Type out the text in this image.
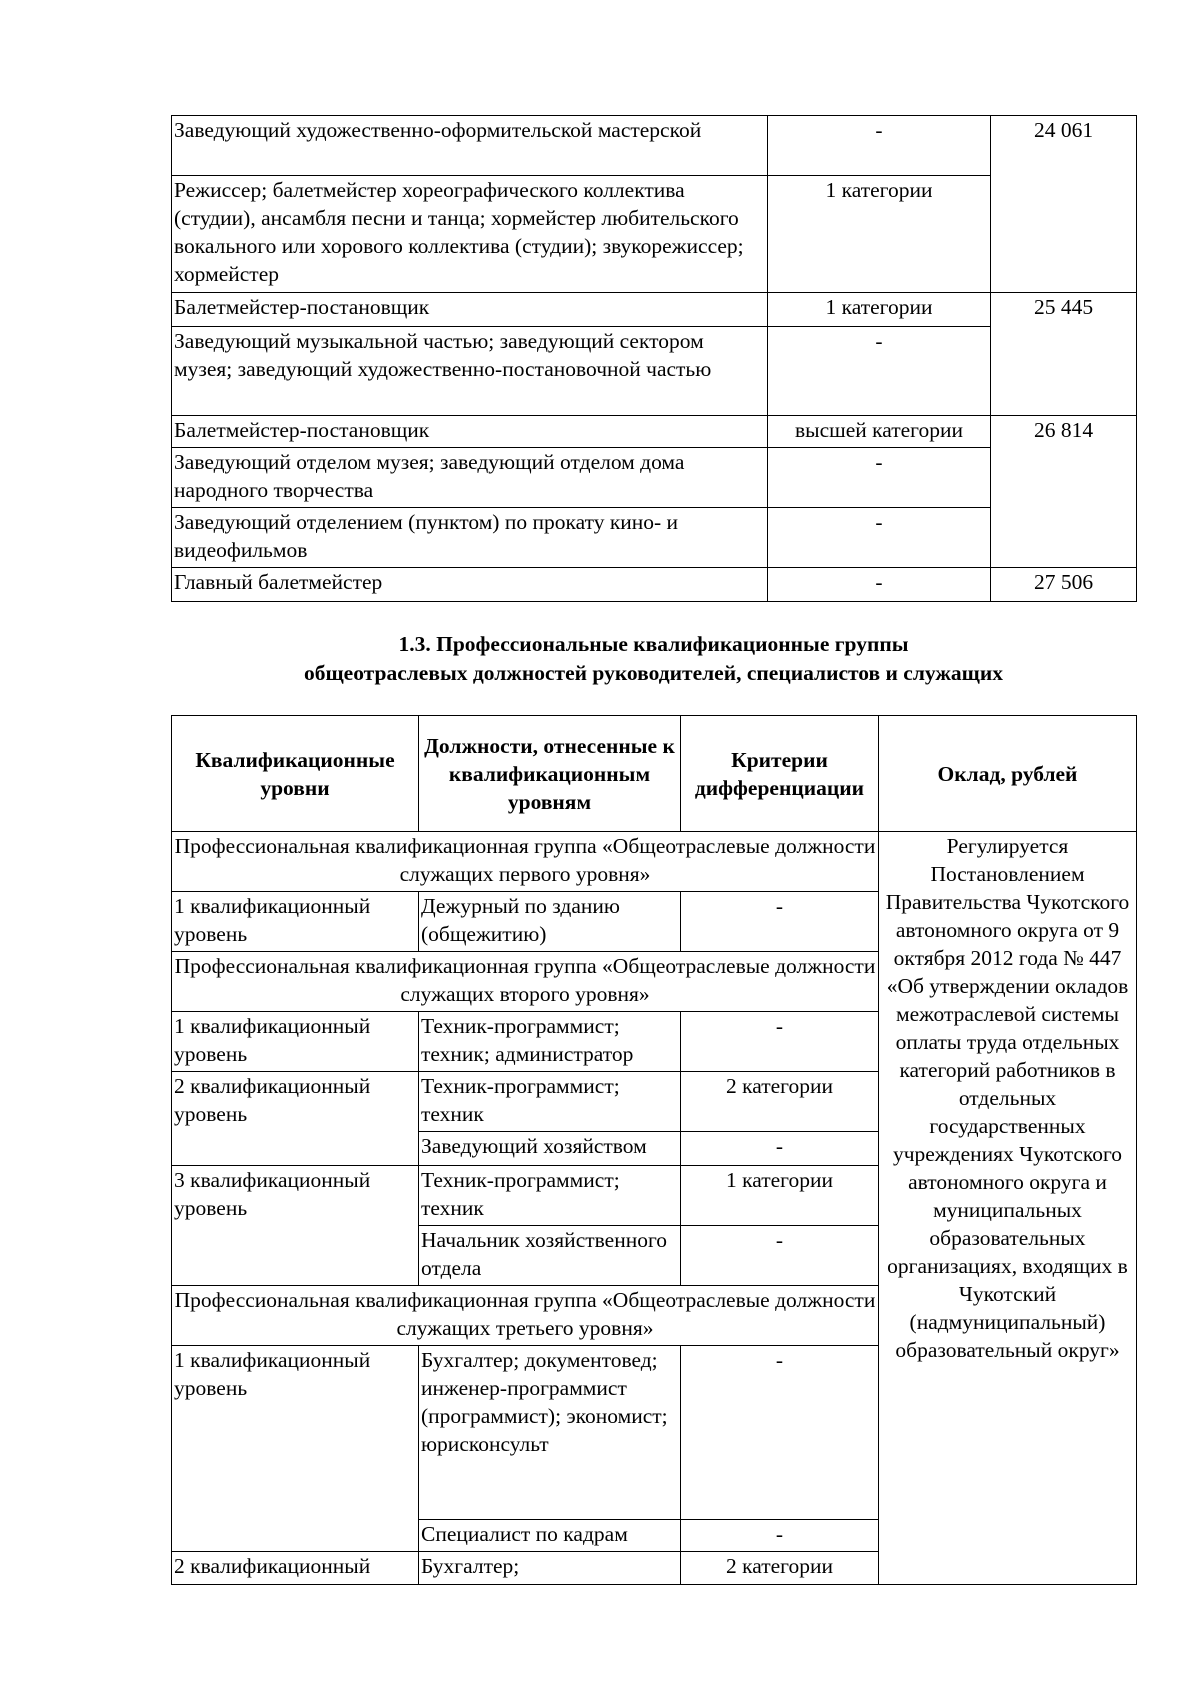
Заведующий художественно-оформительской мастерской	-	24 061
Режиссер; балетмейстер хореографического коллектива (студии), ансамбля песни и танца; хормейстер любительского вокального или хорового коллектива (студии); звукорежиссер; хормейстер	1 категории	
Балетмейстер-постановщик	1 категории	25 445
Заведующий музыкальной частью; заведующий сектором музея; заведующий художественно-постановочной частью	-	
Балетмейстер-постановщик	высшей категории	26 814
Заведующий отделом музея; заведующий отделом дома народного творчества	-	
Заведующий отделением (пунктом) по прокату кино- и видеофильмов	-	
Главный балетмейстер	-	27 506
1.3. Профессиональные квалификационные группы
общеотраслевых должностей руководителей, специалистов и служащих
Квалификационные уровни	Должности, отнесенные к квалификационным уровням	Критерии дифференциации	Оклад, рублей
Профессиональная квалификационная группа «Общеотраслевые должности служащих первого уровня»			Регулируется Постановлением Правительства Чукотского автономного округа от 9 октября 2012 года № 447 «Об утверждении окладов межотраслевой системы оплаты труда отдельных категорий работников в отдельных государственных учреждениях Чукотского автономного округа и муниципальных образовательных организациях, входящих в Чукотский (надмуниципальный) образовательный округ»
1 квалификационный уровень	Дежурный по зданию (общежитию)	-	
Профессиональная квалификационная группа «Общеотраслевые должности служащих второго уровня»			
1 квалификационный уровень	Техник-программист; техник; администратор	-	
2 квалификационный уровень	Техник-программист; техник	2 категории	
	Заведующий хозяйством	-	
3 квалификационный уровень	Техник-программист; техник	1 категории	
	Начальник хозяйственного отдела	-	
Профессиональная квалификационная группа «Общеотраслевые должности служащих третьего уровня»			
1 квалификационный уровень	Бухгалтер; документовед; инженер-программист (программист); экономист; юрисконсульт	-	
	Специалист по кадрам	-	
2 квалификационный	Бухгалтер;	2 категории	
